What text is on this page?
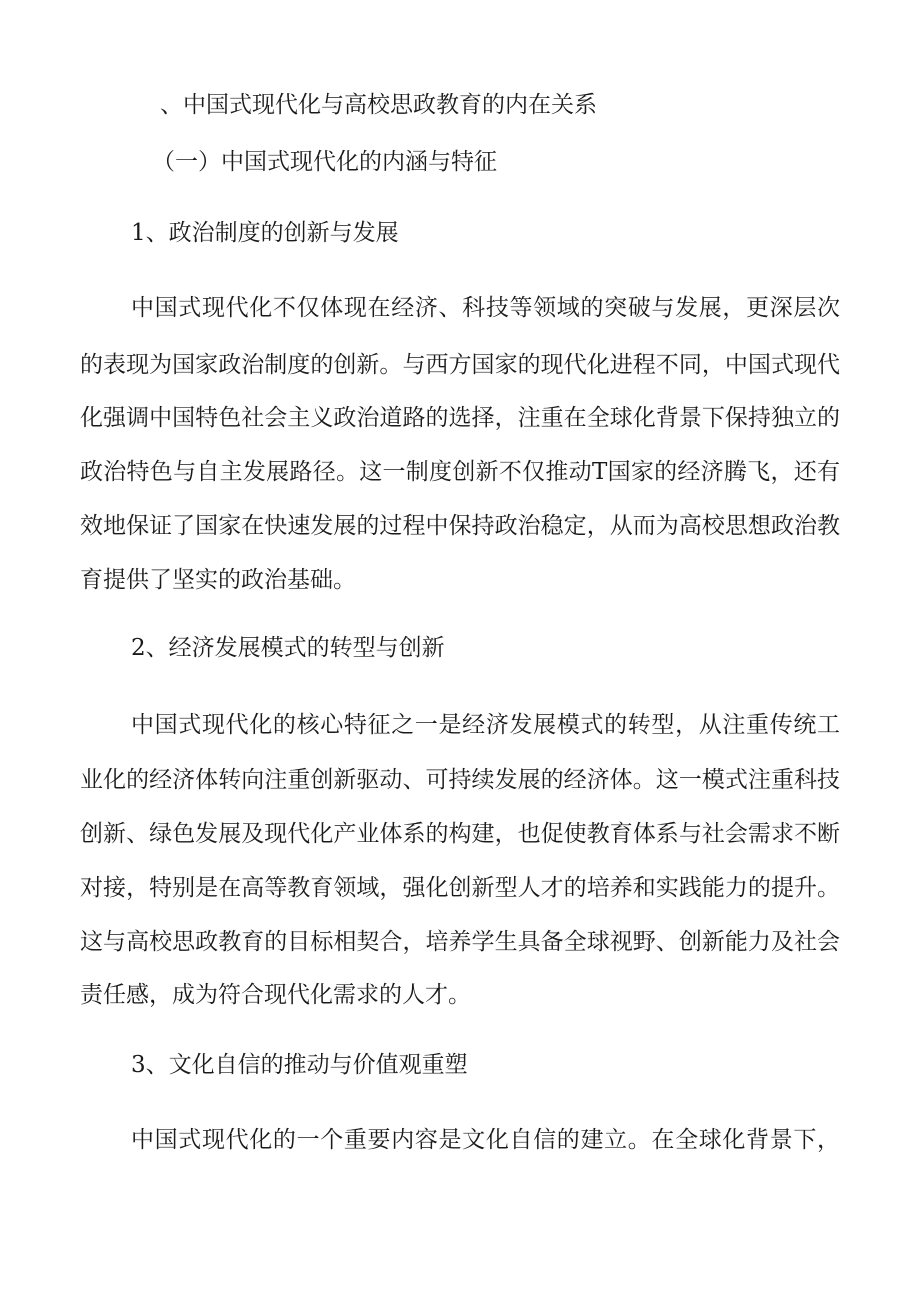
、中国式现代化与高校思政教育的内在关系
（一）中国式现代化的内涵与特征
1、政治制度的创新与发展
中国式现代化不仅体现在经济、科技等领域的突破与发展，更深层次
的表现为国家政治制度的创新。与西方国家的现代化进程不同，中国式现代
化强调中国特色社会主义政治道路的选择，注重在全球化背景下保持独立的
政治特色与自主发展路径。这一制度创新不仅推动T国家的经济腾飞，还有
效地保证了国家在快速发展的过程中保持政治稳定，从而为高校思想政治教
育提供了坚实的政治基础。
2、经济发展模式的转型与创新
中国式现代化的核心特征之一是经济发展模式的转型，从注重传统工
业化的经济体转向注重创新驱动、可持续发展的经济体。这一模式注重科技
创新、绿色发展及现代化产业体系的构建，也促使教育体系与社会需求不断
对接，特别是在高等教育领域，强化创新型人才的培养和实践能力的提升。
这与高校思政教育的目标相契合，培养学生具备全球视野、创新能力及社会
责任感，成为符合现代化需求的人才。
3、文化自信的推动与价值观重塑
中国式现代化的一个重要内容是文化自信的建立。在全球化背景下，
